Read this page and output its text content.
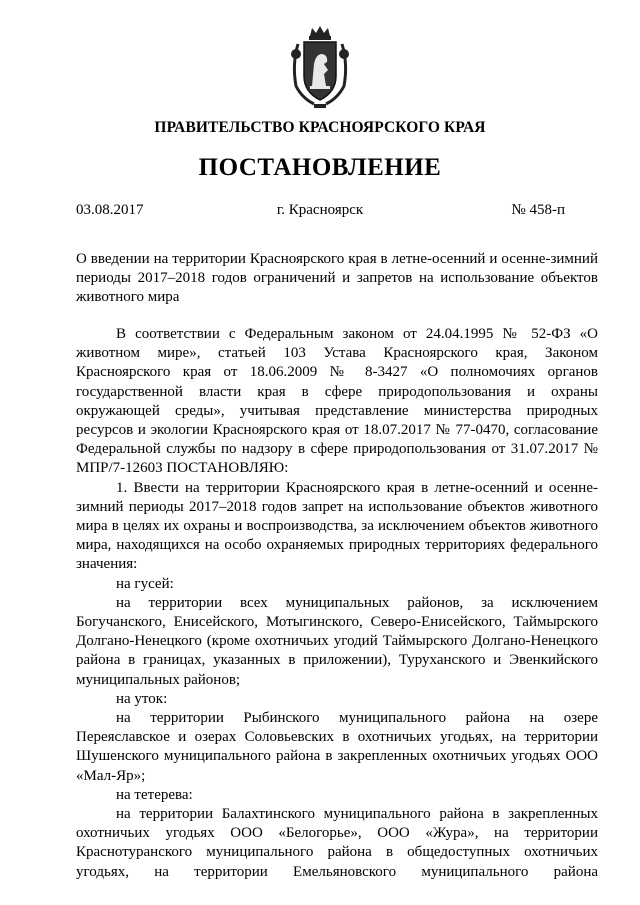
ПРАВИТЕЛЬСТВО КРАСНОЯРСКОГО КРАЯ
ПОСТАНОВЛЕНИЕ
03.08.2017	г. Красноярск	№ 458-п

О введении на территории Красноярского края в летне-осенний и осенне-зимний периоды 2017–2018 годов ограничений и запретов на использование объектов животного мира

В соответствии с Федеральным законом от 24.04.1995 № 52-ФЗ «О животном мире», статьей 103 Устава Красноярского края, Законом Красноярского края от 18.06.2009 № 8-3427 «О полномочиях органов государственной власти края в сфере природопользования и охраны окружающей среды», учитывая представление министерства природных ресурсов и экологии Красноярского края от 18.07.2017 № 77-0470, согласование Федеральной службы по надзору в сфере природопользования от 31.07.2017 № МПР/7-12603 ПОСТАНОВЛЯЮ:

1. Ввести на территории Красноярского края в летне-осенний и осенне-зимний периоды 2017–2018 годов запрет на использование объектов животного мира в целях их охраны и воспроизводства, за исключением объектов животного мира, находящихся на особо охраняемых природных территориях федерального значения:

на гусей:

на территории всех муниципальных районов, за исключением Богучанского, Енисейского, Мотыгинского, Северо-Енисейского, Таймырского Долгано-Ненецкого (кроме охотничьих угодий Таймырского Долгано-Ненецкого района в границах, указанных в приложении), Туруханского и Эвенкийского муниципальных районов;

на уток:

на территории Рыбинского муниципального района на озере Переяславское и озерах Соловьевских в охотничьих угодьях, на территории Шушенского муниципального района в закрепленных охотничьих угодьях ООО «Мал-Яр»;

на тетерева:

на территории Балахтинского муниципального района в закрепленных охотничьих угодьях ООО «Белогорье», ООО «Жура», на территории Краснотуранского муниципального района в общедоступных охотничьих угодьях, на территории Емельяновского муниципального района
